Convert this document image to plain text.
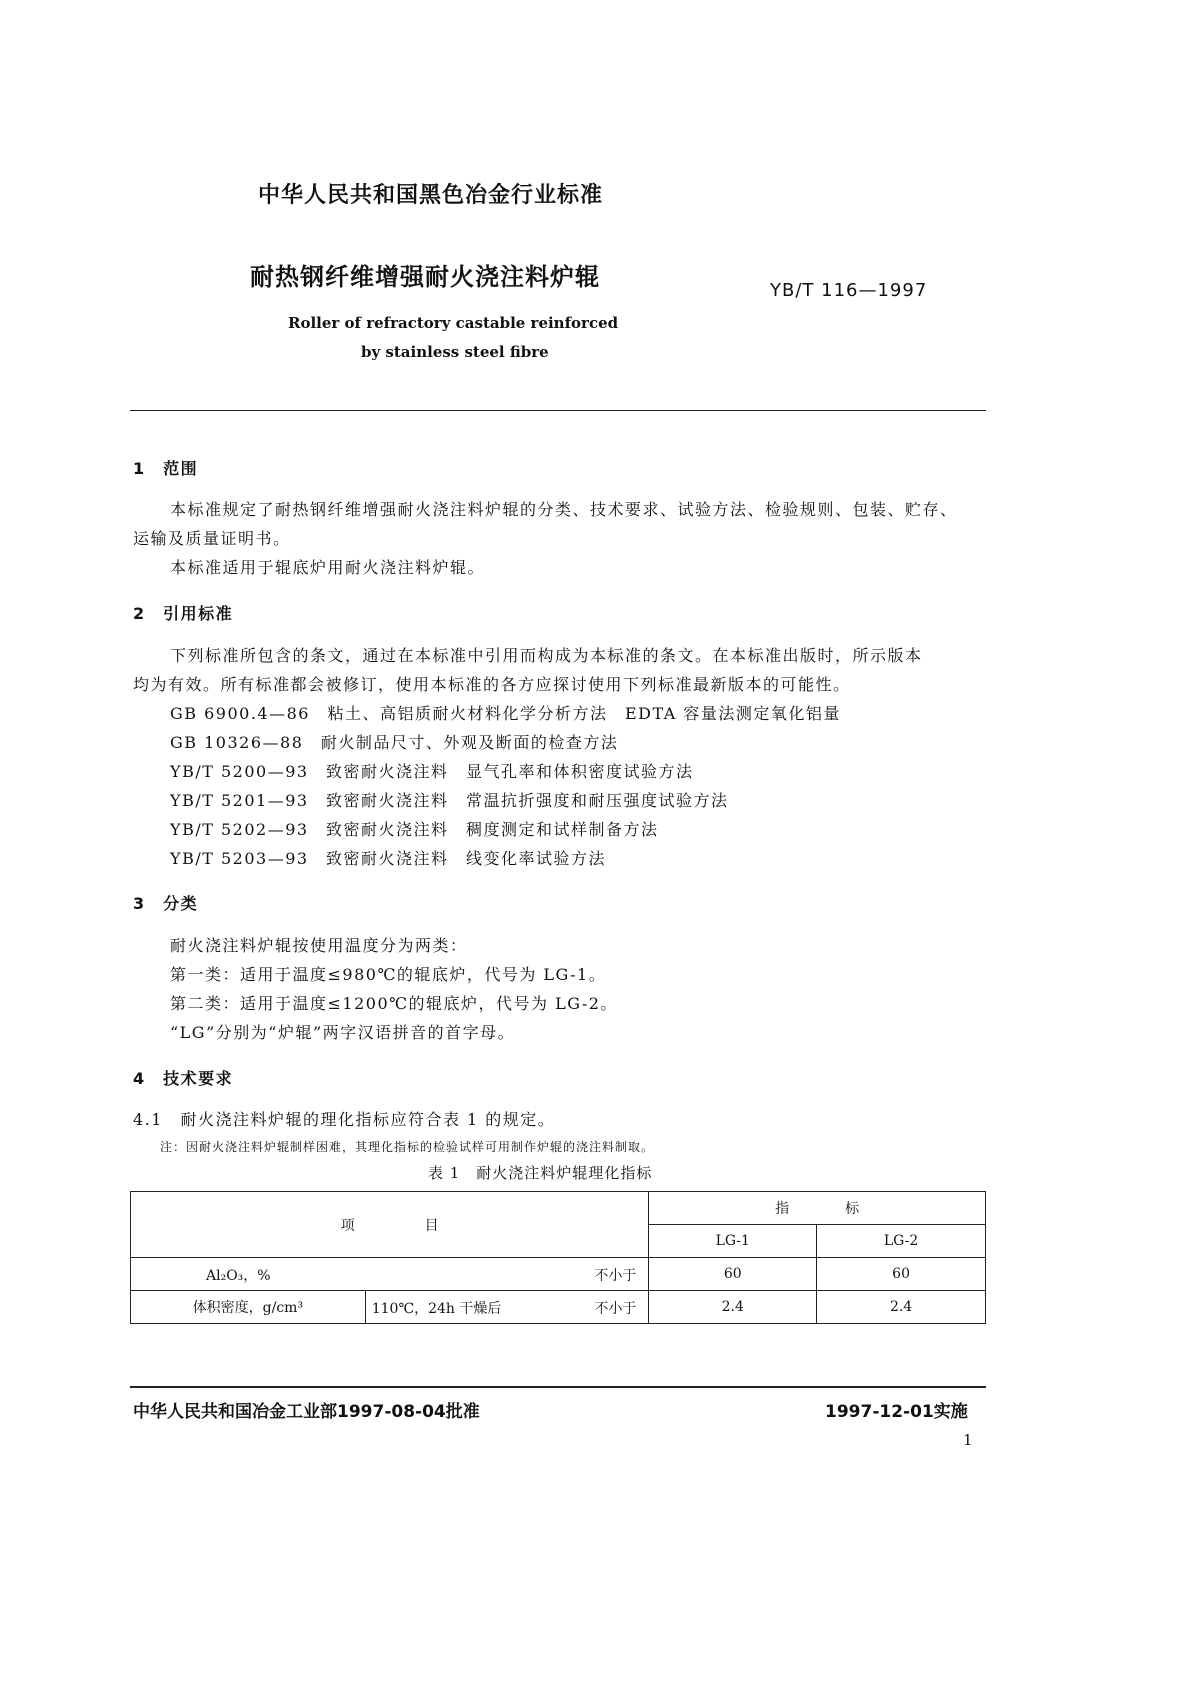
中华人民共和国黑色冶金行业标准
耐热钢纤维增强耐火浇注料炉辊	YB/T 116—1997
Roller of refractory castable reinforced
by stainless steel fibre
1　范围
本标准规定了耐热钢纤维增强耐火浇注料炉辊的分类、技术要求、试验方法、检验规则、包装、贮存、
运输及质量证明书。
本标准适用于辊底炉用耐火浇注料炉辊。
2　引用标准
下列标准所包含的条文，通过在本标准中引用而构成为本标准的条文。在本标准出版时，所示版本
均为有效。所有标准都会被修订，使用本标准的各方应探讨使用下列标准最新版本的可能性。
GB 6900.4—86　粘土、高铝质耐火材料化学分析方法　EDTA 容量法测定氧化铝量
GB 10326—88　耐火制品尺寸、外观及断面的检查方法
YB/T 5200—93　致密耐火浇注料　显气孔率和体积密度试验方法
YB/T 5201—93　致密耐火浇注料　常温抗折强度和耐压强度试验方法
YB/T 5202—93　致密耐火浇注料　稠度测定和试样制备方法
YB/T 5203—93　致密耐火浇注料　线变化率试验方法
3　分类
耐火浇注料炉辊按使用温度分为两类：
第一类：适用于温度≤980℃的辊底炉，代号为 LG-1。
第二类：适用于温度≤1200℃的辊底炉，代号为 LG-2。
“LG”分别为“炉辊”两字汉语拼音的首字母。
4　技术要求
4.1　耐火浇注料炉辊的理化指标应符合表 1 的规定。
注：因耐火浇注料炉辊制样困难，其理化指标的检验试样可用制作炉辊的浇注料制取。
表 1　耐火浇注料炉辊理化指标
项　　　　　目		指　　　　标	
		LG-1	LG-2

Al₂O₃，% 不小于		60	60
体积密度，g/cm³	110℃，24h 干燥后 不小于	2.4	2.4
中华人民共和国冶金工业部1997-08-04批准	1997-12-01实施
1
